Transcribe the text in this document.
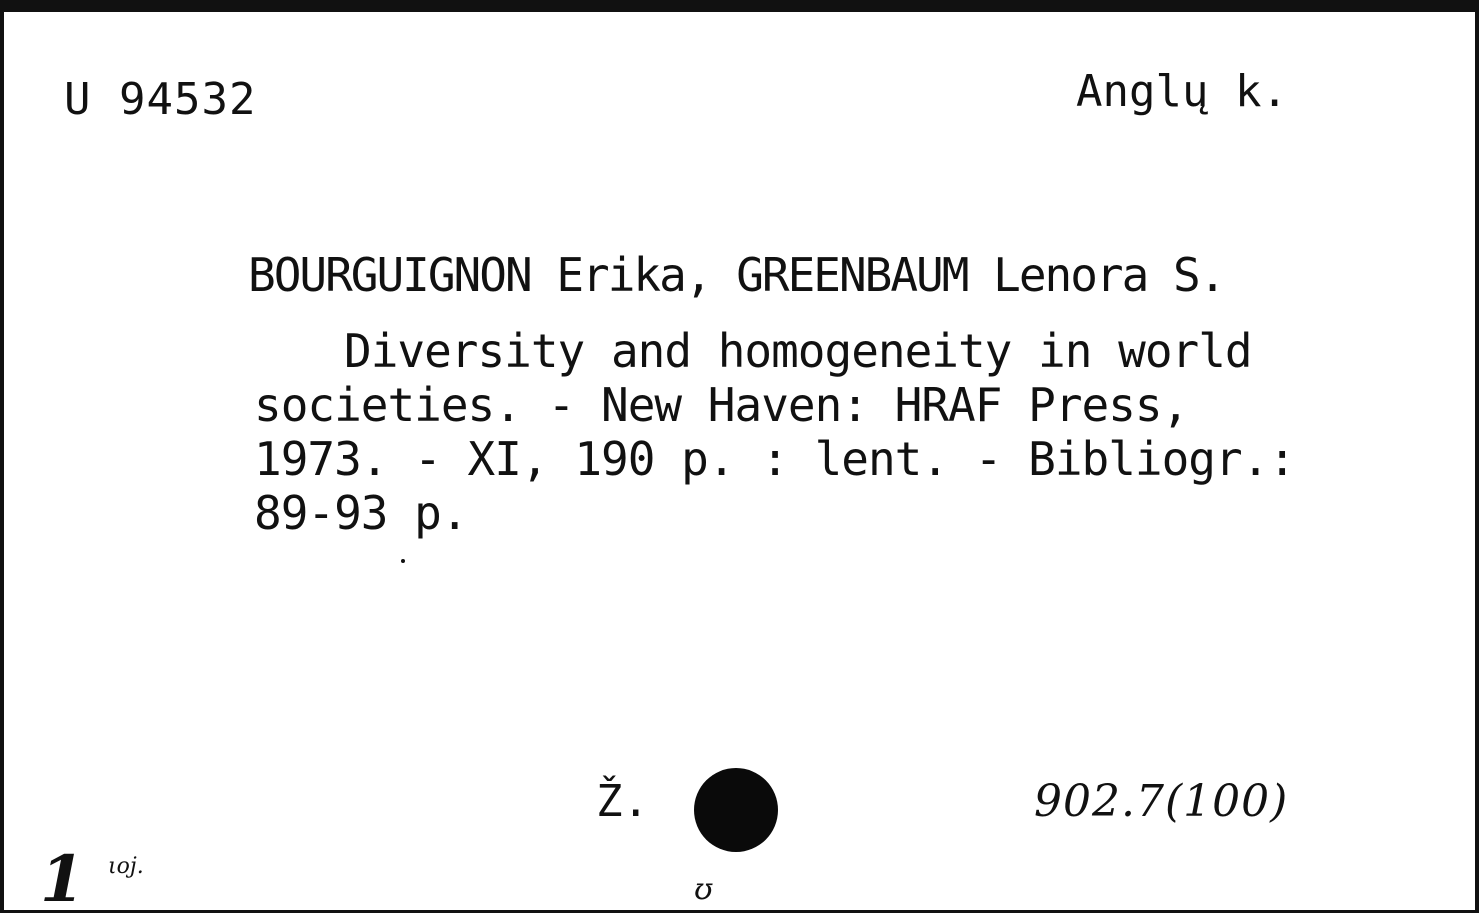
U 94532	Anglų k.
BOURGUIGNON Erika, GREENBAUM Lenora S.
Diversity and homogeneity in world
societies. - New Haven: HRAF Press,
1973. - XI, 190 p. : lent. - Bibliogr.:
89-93 p.
Ž.	902.7(100)
1 ιoj.
ʊ
